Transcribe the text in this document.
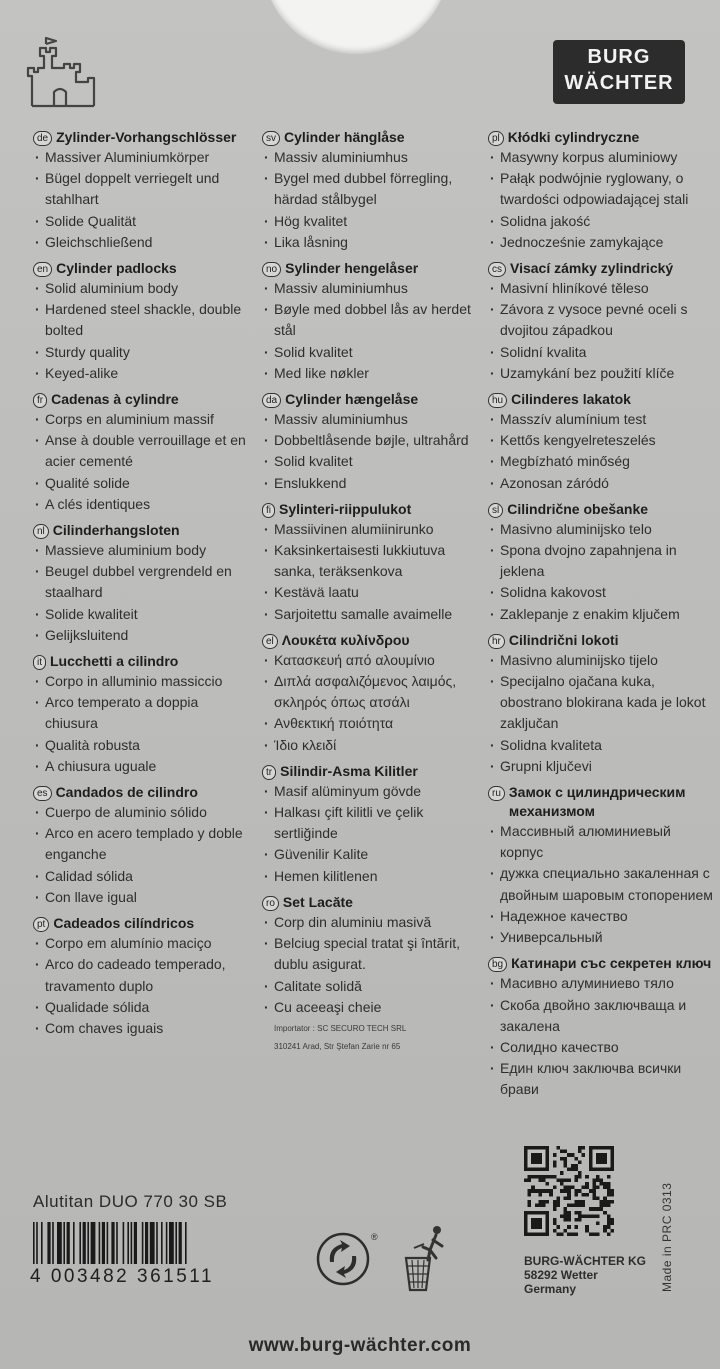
BURG
WÄCHTER
de Zylinder-Vorhangschlösser
· Massiver Aluminiumkörper
· Bügel doppelt verriegelt und stahlhart
· Solide Qualität
· Gleichschließend
en Cylinder padlocks
· Solid aluminium body
· Hardened steel shackle, double bolted
· Sturdy quality
· Keyed-alike
fr Cadenas à cylindre
· Corps en aluminium massif
· Anse à double verrouillage et en acier cementé
· Qualité solide
· A clés identiques
nl Cilinderhangsloten
· Massieve aluminium body
· Beugel dubbel vergrendeld en staalhard
· Solide kwaliteit
· Gelijksluitend
it Lucchetti a cilindro
· Corpo in alluminio massiccio
· Arco temperato a doppia chiusura
· Qualità robusta
· A chiusura uguale
es Candados de cilindro
· Cuerpo de aluminio sólido
· Arco en acero templado y doble enganche
· Calidad sólida
· Con llave igual
pt Cadeados cilíndricos
· Corpo em alumínio maciço
· Arco do cadeado temperado, travamento duplo
· Qualidade sólida
· Com chaves iguais
sv Cylinder hänglåse
· Massiv aluminiumhus
· Bygel med dubbel förregling, härdad stålbygel
· Hög kvalitet
· Lika låsning
no Sylinder hengelåser
· Massiv aluminiumhus
· Bøyle med dobbel lås av herdet stål
· Solid kvalitet
· Med like nøkler
da Cylinder hængelåse
· Massiv aluminiumhus
· Dobbeltlåsende bøjle, ultrahård
· Solid kvalitet
· Enslukkend
fi Sylinteri-riippulukot
· Massiivinen alumiinirunko
· Kaksinkertaisesti lukkiutuva sanka, teräksenkova
· Kestävä laatu
· Sarjoitettu samalle avaimelle
el Λουκέτα κυλίνδρου
· Κατασκευή από αλουμίνιο
· Διπλά ασφαλιζόμενος λαιμός, σκληρός όπως ατσάλι
· Ανθεκτική ποιότητα
· Ίδιο κλειδί
tr Silindir-Asma Kilitler
· Masif alüminyum gövde
· Halkası çift kilitli ve çelik sertliğinde
· Güvenilir Kalite
· Hemen kilitlenen
ro Set Lacăte
· Corp din aluminiu masivă
· Belciug special tratat şi întărit, dublu asigurat.
· Calitate solidă
· Cu aceeaşi cheie
Importator : SC SECURO TECH SRL
310241 Arad, Str Ştefan Zarie nr 65
pl Kłódki cylindryczne
· Masywny korpus aluminiowy
· Pałąk podwójnie ryglowany, o twardości odpowiadającej stali
· Solidna jakość
· Jednocześnie zamykające
cs Visací zámky zylindrický
· Masivní hliníkové těleso
· Závora z vysoce pevné oceli s dvojitou západkou
· Solidní kvalita
· Uzamykání bez použití klíče
hu Cilinderes lakatok
· Masszív alumínium test
· Kettős kengyelreteszelés
· Megbízható minőség
· Azonosan záródó
sl Cilindrične obešanke
· Masivno aluminijsko telo
· Spona dvojno zapahnjena in jeklena
· Solidna kakovost
· Zaklepanje z enakim ključem
hr Cilindrični lokoti
· Masivno aluminijsko tijelo
· Specijalno ojačana kuka, obostrano blokirana kada je lokot zaključan
· Solidna kvaliteta
· Grupni ključevi
ru Замок с цилиндрическим механизмом
· Массивный алюминиевый корпус
· дужка специально закаленная с двойным шаровым стопорением
· Надежное качество
· Универсальный
bg Катинари със секретен ключ
· Масивно алуминиево тяло
· Скоба двойно заключваща и закалена
· Солидно качество
· Един ключ заключва всички брави
Alutitan DUO 770 30 SB
4 003482 361511
®
BURG-WÄCHTER KG
58292 Wetter
Germany	Made in PRC 0313
www.burg-wächter.com
